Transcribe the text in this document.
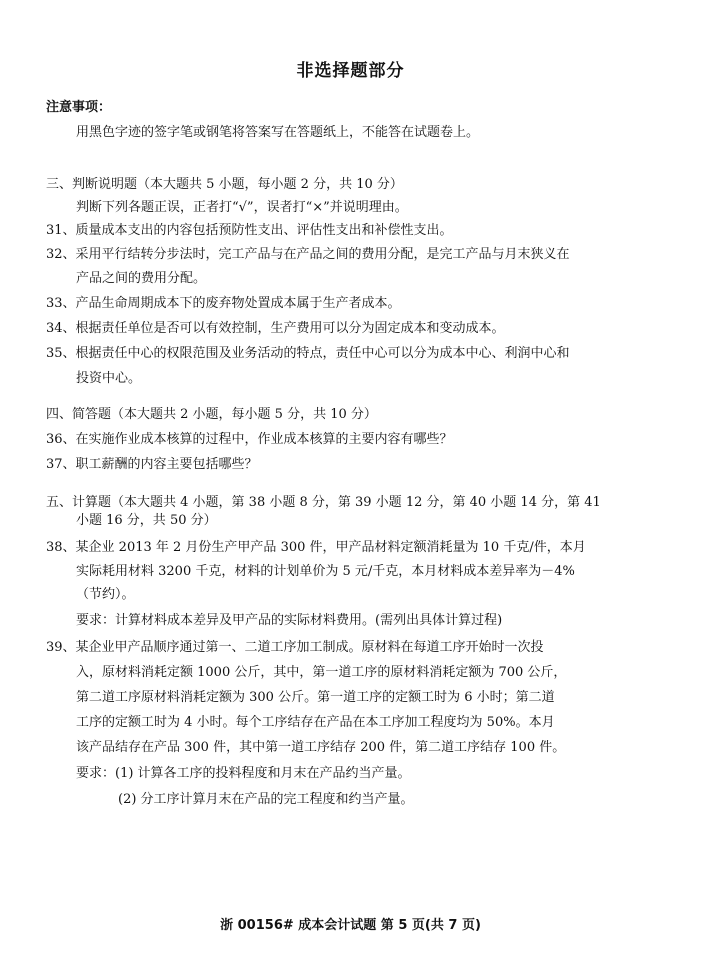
非选择题部分
注意事项：
用黑色字迹的签字笔或钢笔将答案写在答题纸上，不能答在试题卷上。
三、判断说明题（本大题共 5 小题，每小题 2 分，共 10 分）
判断下列各题正误，正者打“√”，误者打“×”并说明理由。
31、质量成本支出的内容包括预防性支出、评估性支出和补偿性支出。
32、采用平行结转分步法时，完工产品与在产品之间的费用分配，是完工产品与月末狭义在
产品之间的费用分配。
33、产品生命周期成本下的废弃物处置成本属于生产者成本。
34、根据责任单位是否可以有效控制，生产费用可以分为固定成本和变动成本。
35、根据责任中心的权限范围及业务活动的特点，责任中心可以分为成本中心、利润中心和
投资中心。
四、简答题（本大题共 2 小题，每小题 5 分，共 10 分）
36、在实施作业成本核算的过程中，作业成本核算的主要内容有哪些？
37、职工薪酬的内容主要包括哪些？
五、计算题（本大题共 4 小题，第 38 小题 8 分，第 39 小题 12 分，第 40 小题 14 分，第 41
小题 16 分，共 50 分）
38、某企业 2013 年 2 月份生产甲产品 300 件，甲产品材料定额消耗量为 10 千克/件，本月
实际耗用材料 3200 千克，材料的计划单价为 5 元/千克，本月材料成本差异率为－4%
（节约）。
要求：计算材料成本差异及甲产品的实际材料费用。(需列出具体计算过程)
39、某企业甲产品顺序通过第一、二道工序加工制成。原材料在每道工序开始时一次投
入，原材料消耗定额 1000 公斤，其中，第一道工序的原材料消耗定额为 700 公斤，
第二道工序原材料消耗定额为 300 公斤。第一道工序的定额工时为 6 小时；第二道
工序的定额工时为 4 小时。每个工序结存在产品在本工序加工程度均为 50%。本月
该产品结存在产品 300 件，其中第一道工序结存 200 件，第二道工序结存 100 件。
要求：(1) 计算各工序的投料程度和月末在产品约当产量。
(2) 分工序计算月末在产品的完工程度和约当产量。
浙 00156# 成本会计试题 第 5 页(共 7 页)
